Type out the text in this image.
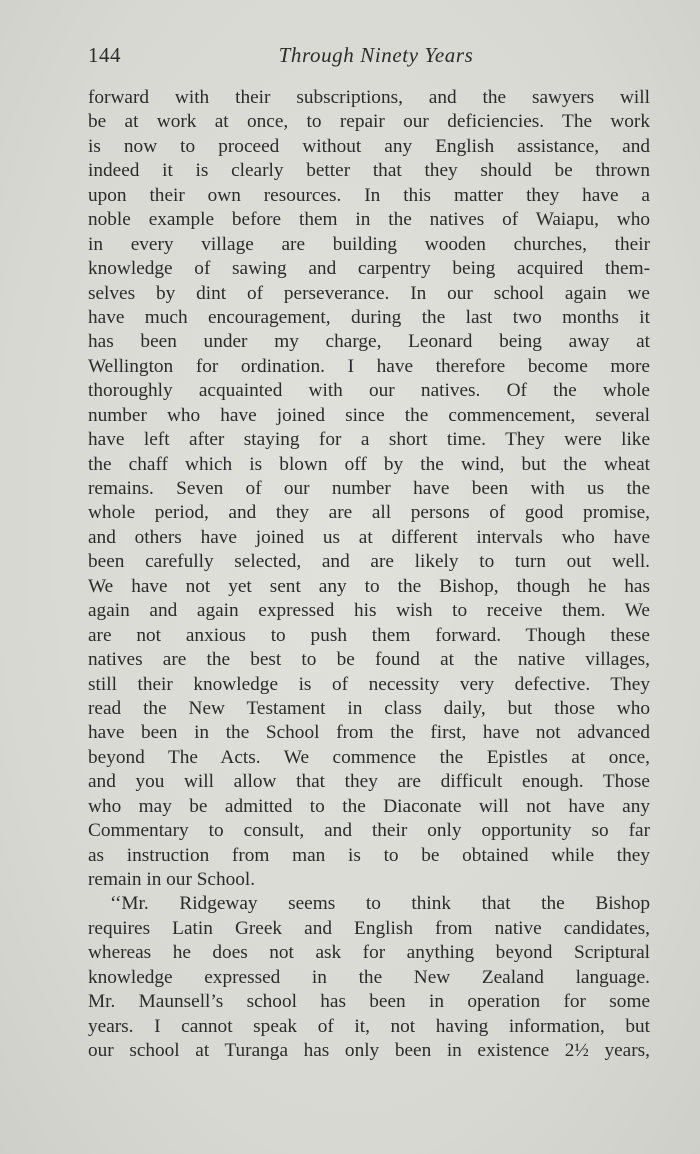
144	Through Ninety Years
forward with their subscriptions, and the sawyers will
be at work at once, to repair our deficiencies. The work
is now to proceed without any English assistance, and
indeed it is clearly better that they should be thrown
upon their own resources. In this matter they have a
noble example before them in the natives of Waiapu, who
in every village are building wooden churches, their
knowledge of sawing and carpentry being acquired them-
selves by dint of perseverance. In our school again we
have much encouragement, during the last two months it
has been under my charge, Leonard being away at
Wellington for ordination. I have therefore become more
thoroughly acquainted with our natives. Of the whole
number who have joined since the commencement, several
have left after staying for a short time. They were like
the chaff which is blown off by the wind, but the wheat
remains. Seven of our number have been with us the
whole period, and they are all persons of good promise,
and others have joined us at different intervals who have
been carefully selected, and are likely to turn out well.
We have not yet sent any to the Bishop, though he has
again and again expressed his wish to receive them. We
are not anxious to push them forward. Though these
natives are the best to be found at the native villages,
still their knowledge is of necessity very defective. They
read the New Testament in class daily, but those who
have been in the School from the first, have not advanced
beyond The Acts. We commence the Epistles at once,
and you will allow that they are difficult enough. Those
who may be admitted to the Diaconate will not have any
Commentary to consult, and their only opportunity so far
as instruction from man is to be obtained while they
remain in our School.
‘‘Mr. Ridgeway seems to think that the Bishop
requires Latin Greek and English from native candidates,
whereas he does not ask for anything beyond Scriptural
knowledge expressed in the New Zealand language.
Mr. Maunsell’s school has been in operation for some
years. I cannot speak of it, not having information, but
our school at Turanga has only been in existence 2½ years,
